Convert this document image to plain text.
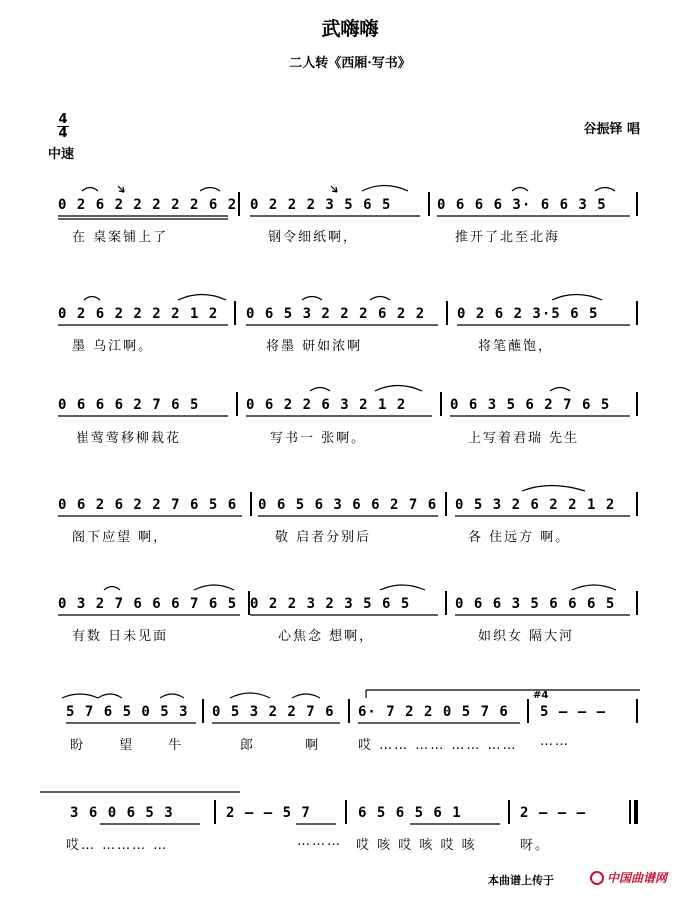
武嗨嗨
二人转《西厢·写书》
4
4
中速
谷振铎 唱
0 2 6 2 2 2 2 2 6 2 0 2 2 2 3 5 6 5	0 6 6 6 3· 6 6 3 5
在 桌案铺上了	钢令细纸啊，	推开了北至北海
0 2 6 2 2 2 2 1 2 0 6 5 3 2 2 2 6 2 2 0 2 6 2 3·5 6 5
墨 乌江啊。	将墨 研如浓啊	将笔蘸饱，
0 6 6 6 2 7 6 5	0 6 2 2 6 3 2 1 2	0 6 3 5 6 2 7 6 5
崔莺莺移柳栽花	写书一 张啊。	上写着君瑞 先生
0 6 2 6 2 2 7 6 5 6 0 6 5 6 3 6 6 2 7 6 0 5 3 2 6 2 2 1 2
阁下应望 啊，	敬 启者分别后	各 住远方 啊。
0 3 2 7 6 6 6 7 6 5 0 2 2 3 2 3 5 6 5	0 6 6 3 5 6 6 6 5
有数 日未见面	心焦念 想啊，	如织女 隔大河
5 7 6 5 0 5 3 0 5 3 2 2 7 6 6· 7 2 2 0 5 7 6 5 – – –
#4
盼 望 牛	郎 啊	哎 …… …… …… …… ……
3 6 0 6 5 3	2 – – 5 7	6 5 6 5 6 1	2 – – –
哎… ……… …	……… 哎 咳 哎 咳 哎 咳	呀。
本曲谱上传于	中国曲谱网
